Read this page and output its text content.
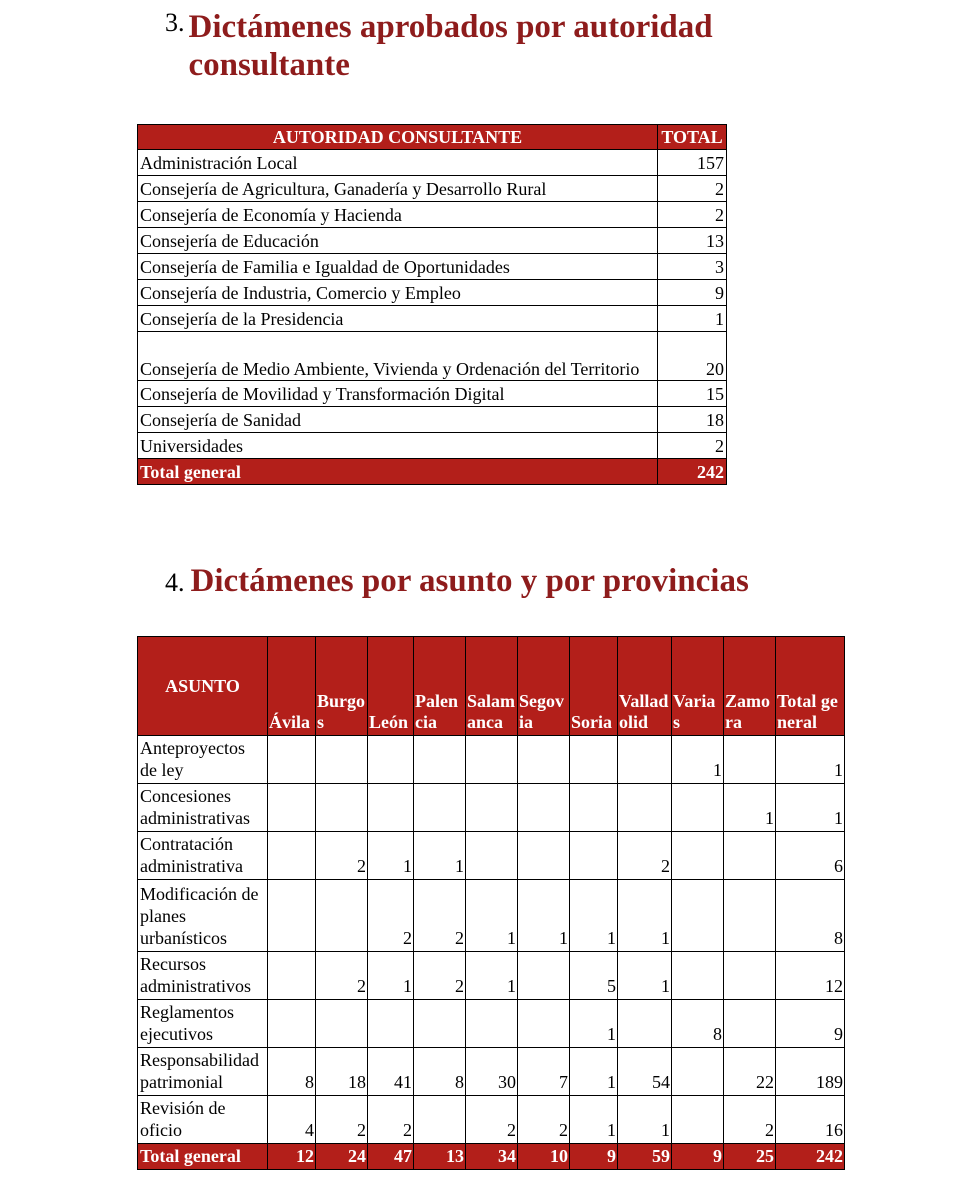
3. Dictámenes aprobados por autoridad consultante
AUTORIDAD CONSULTANTE	TOTAL
Administración Local	157
Consejería de Agricultura, Ganadería y Desarrollo Rural	2
Consejería de Economía y Hacienda	2
Consejería de Educación	13
Consejería de Familia e Igualdad de Oportunidades	3
Consejería de Industria, Comercio y Empleo	9
Consejería de la Presidencia	1
Consejería de Medio Ambiente, Vivienda y Ordenación del Territorio	20
Consejería de Movilidad y Transformación Digital	15
Consejería de Sanidad	18
Universidades	2
Total general	242
4. Dictámenes por asunto y por provincias
ASUNTO	Ávila	Burgos	León	Palencia	Salamanca	Segovia	Soria	Valladolid	Varias	Zamora	Total general
Anteproyectos de ley									1		1
Concesiones administrativas										1	1
Contratación administrativa		2	1	1				2			6
Modificación de planes urbanísticos			2	2	1	1	1	1			8
Recursos administrativos		2	1	2	1		5	1			12
Reglamentos ejecutivos							1		8		9
Responsabilidad patrimonial	8	18	41	8	30	7	1	54		22	189
Revisión de oficio	4	2	2		2	2	1	1		2	16
Total general	12	24	47	13	34	10	9	59	9	25	242
